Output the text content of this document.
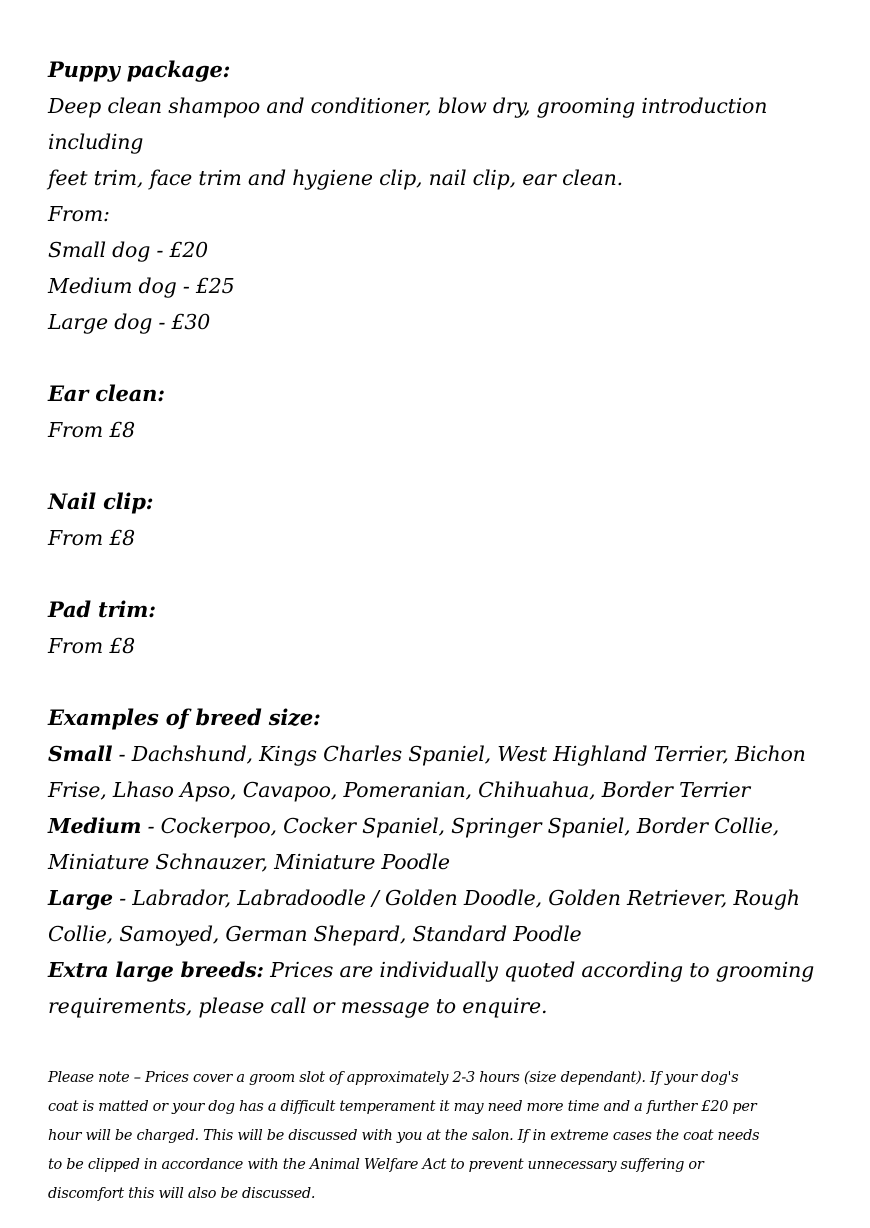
Puppy package:
Deep clean shampoo and conditioner, blow dry, grooming introduction including
feet trim, face trim and hygiene clip, nail clip, ear clean.
From:
Small dog - £20
Medium dog - £25
Large dog - £30
Ear clean:
From £8
Nail clip:
From £8
Pad trim:
From £8
Examples of breed size:
Small - Dachshund, Kings Charles Spaniel, West Highland Terrier, Bichon
Frise, Lhaso Apso, Cavapoo, Pomeranian, Chihuahua, Border Terrier
Medium - Cockerpoo, Cocker Spaniel, Springer Spaniel, Border Collie,
Miniature Schnauzer, Miniature Poodle
Large - Labrador, Labradoodle / Golden Doodle, Golden Retriever, Rough
Collie, Samoyed, German Shepard, Standard Poodle
Extra large breeds: Prices are individually quoted according to grooming
requirements, please call or message to enquire.
Please note – Prices cover a groom slot of approximately 2-3 hours (size dependant). If your dog's
coat is matted or your dog has a difficult temperament it may need more time and a further £20 per
hour will be charged. This will be discussed with you at the salon. If in extreme cases the coat needs
to be clipped in accordance with the Animal Welfare Act to prevent unnecessary suffering or
discomfort this will also be discussed.
